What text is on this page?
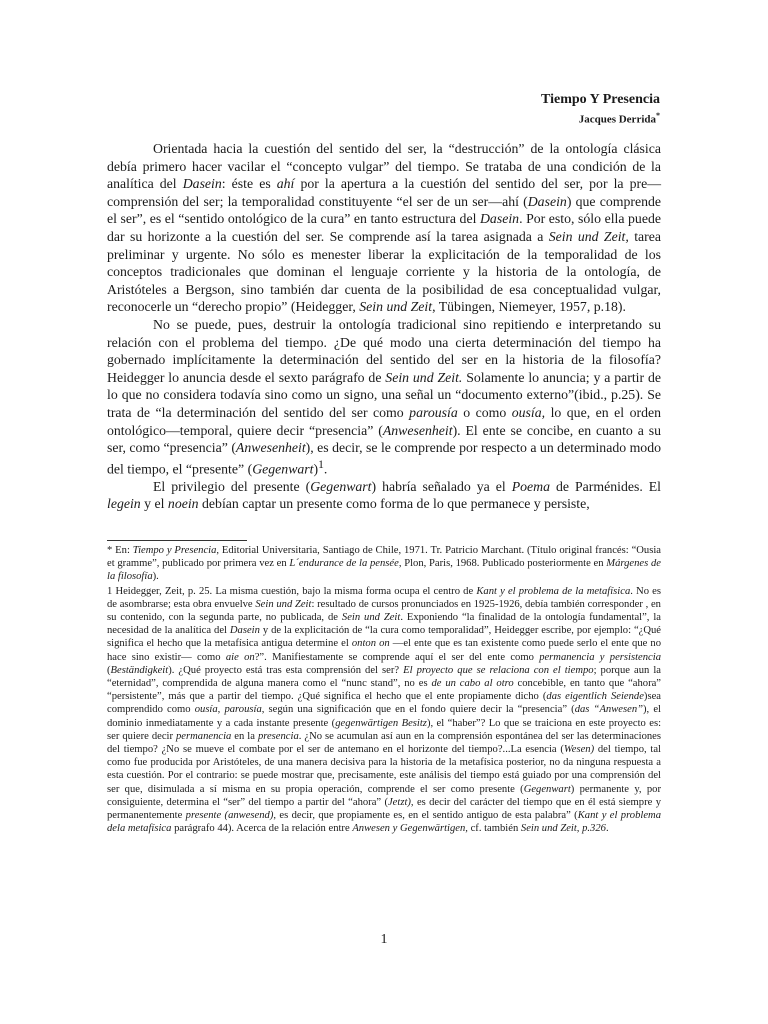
Tiempo Y Presencia
Jacques Derrida*

Orientada hacia la cuestión del sentido del ser, la “destrucción” de la ontología clásica debía primero hacer vacilar el “concepto vulgar” del tiempo. Se trataba de una condición de la analítica del Dasein: éste es ahí por la apertura a la cuestión del sentido del ser, por la pre—comprensión del ser; la temporalidad constituyente “el ser de un ser—ahí (Dasein) que comprende el ser”, es el “sentido ontológico de la cura” en tanto estructura del Dasein. Por esto, sólo ella puede dar su horizonte a la cuestión del ser. Se comprende así la tarea asignada a Sein und Zeit, tarea preliminar y urgente. No sólo es menester liberar la explicitación de la temporalidad de los conceptos tradicionales que dominan el lenguaje corriente y la historia de la ontología, de Aristóteles a Bergson, sino también dar cuenta de la posibilidad de esa conceptualidad vulgar, reconocerle un “derecho propio” (Heidegger, Sein und Zeit, Tübingen, Niemeyer, 1957, p.18).

No se puede, pues, destruir la ontología tradicional sino repitiendo e interpretando su relación con el problema del tiempo. ¿De qué modo una cierta determinación del tiempo ha gobernado implícitamente la determinación del sentido del ser en la historia de la filosofía? Heidegger lo anuncia desde el sexto parágrafo de Sein und Zeit. Solamente lo anuncia; y a partir de lo que no considera todavía sino como un signo, una señal un “documento externo”(ibid., p.25). Se trata de “la determinación del sentido del ser como parousía o como ousía, lo que, en el orden ontológico—temporal, quiere decir “presencia” (Anwesenheit). El ente se concibe, en cuanto a su ser, como “presencia” (Anwesenheit), es decir, se le comprende por respecto a un determinado modo del tiempo, el “presente” (Gegenwart)$^1$.

El privilegio del presente (Gegenwart) habría señalado ya el Poema de Parménides. El legein y el noein debían captar un presente como forma de lo que permanece y persiste,

* En: Tiempo y Presencia, Editorial Universitaria, Santiago de Chile, 1971. Tr. Patricio Marchant. (Título original francés: “Ousia et gramme”, publicado por primera vez en L´endurance de la pensée, Plon, Paris, 1968. Publicado posteriormente en Márgenes de la filosofía).

1 Heidegger, Zeit, p. 25. La misma cuestión, bajo la misma forma ocupa el centro de Kant y el problema de la metafísica. No es de asombrarse; esta obra envuelve Sein und Zeit: resultado de cursos pronunciados en 1925-1926, debía también corresponder , en su contenido, con la segunda parte, no publicada, de Sein und Zeit. Exponiendo “la finalidad de la ontología fundamental”, la necesidad de la analítica del Dasein y de la explicitación de “la cura como temporalidad”, Heidegger escribe, por ejemplo: “¿Qué significa el hecho que la metafísica antigua determine el onton on —el ente que es tan existente como puede serlo el ente que no hace sino existir— como aie on?”. Manifiestamente se comprende aquí el ser del ente como permanencia y persistencia (Beständigkeit). ¿Qué proyecto está tras esta comprensión del ser? El proyecto que se relaciona con el tiempo; porque aun la “eternidad”, comprendida de alguna manera como el “nunc stand”, no es de un cabo al otro concebible, en tanto que “ahora” “persistente”, más que a partir del tiempo. ¿Qué significa el hecho que el ente propiamente dicho (das eigentlich Seiende)sea comprendido como ousía, parousía, según una significación que en el fondo quiere decir la “presencia” (das “Anwesen”), el dominio inmediatamente y a cada instante presente (gegenwärtigen Besitz), el “haber”? Lo que se traiciona en este proyecto es: ser quiere decir permanencia en la presencia. ¿No se acumulan así aun en la comprensión espontánea del ser las determinaciones del tiempo? ¿No se mueve el combate por el ser de antemano en el horizonte del tiempo?...La esencia (Wesen) del tiempo, tal como fue producida por Aristóteles, de una manera decisiva para la historia de la metafísica posterior, no da ninguna respuesta a esta cuestión. Por el contrario: se puede mostrar que, precisamente, este análisis del tiempo está guiado por una comprensión del ser que, disimulada a sí misma en su propia operación, comprende el ser como presente (Gegenwart) permanente y, por consiguiente, determina el “ser” del tiempo a partir del “ahora” (Jetzt), es decir del carácter del tiempo que en él está siempre y permanentemente presente (anwesend), es decir, que propiamente es, en el sentido antiguo de esta palabra” (Kant y el problema dela metafísica parágrafo 44). Acerca de la relación entre Anwesen y Gegenwärtigen, cf. también Sein und Zeit, p.326.

1
